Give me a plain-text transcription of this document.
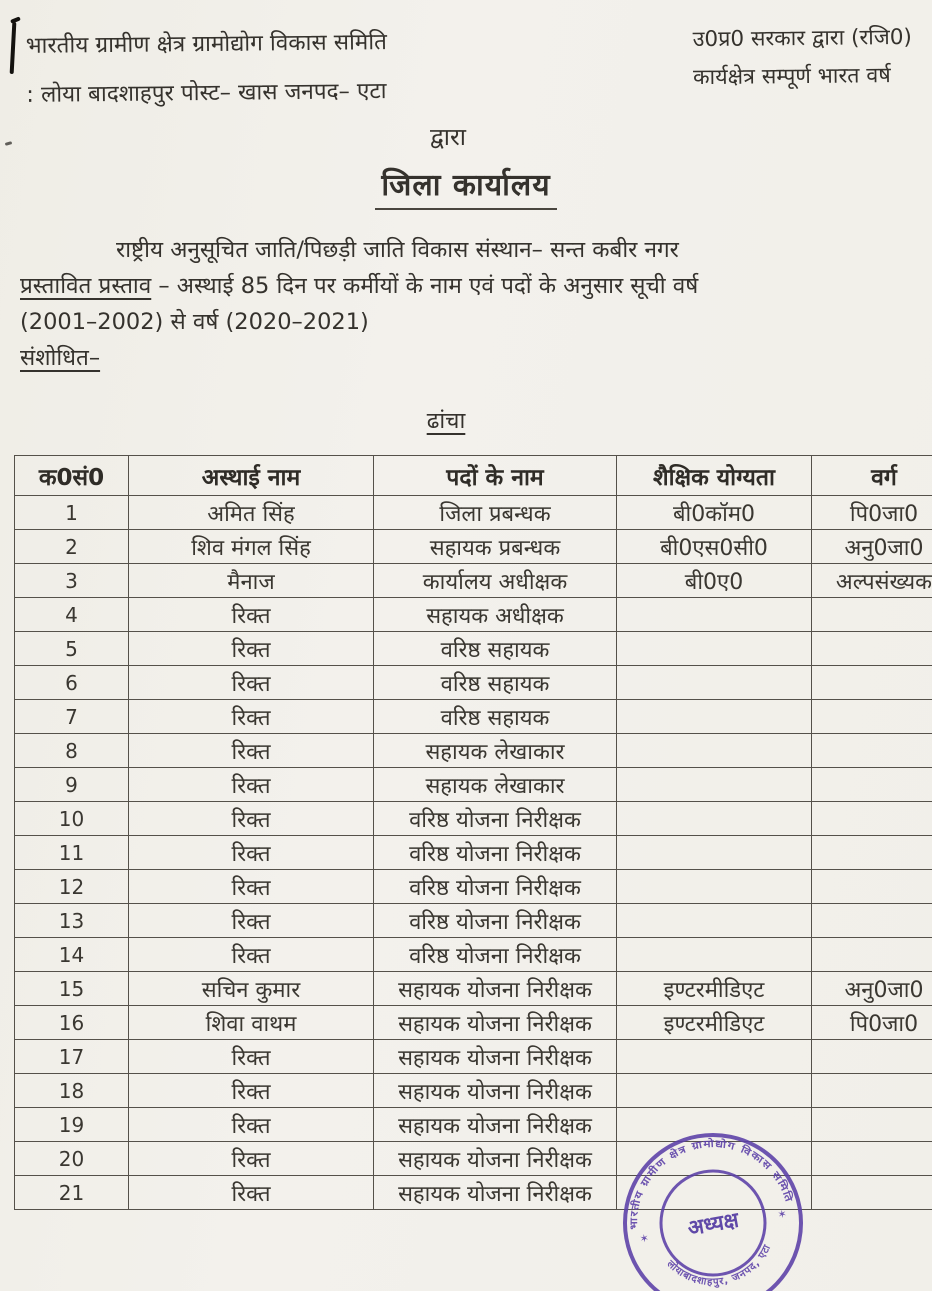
भारतीय ग्रामीण क्षेत्र ग्रामोद्योग विकास समिति
: लोया बादशाहपुर पोस्ट– खास जनपद– एटा
उ0प्र0 सरकार द्वारा (रजि0)
कार्यक्षेत्र सम्पूर्ण भारत वर्ष
द्वारा
जिला कार्यालय
राष्ट्रीय अनुसूचित जाति/पिछड़ी जाति विकास संस्थान– सन्त कबीर नगर
प्रस्तावित प्रस्ताव – अस्थाई 85 दिन पर कर्मीयों के नाम एवं पदों के अनुसार सूची वर्ष
(2001–2002) से वर्ष (2020–2021)
संशोधित–
ढांचा
क0सं0	अस्थाई नाम	पदों के नाम	शैक्षिक योग्यता	वर्ग
1	अमित सिंह	जिला प्रबन्धक	बी0कॉम0	पि0जा0
2	शिव मंगल सिंह	सहायक प्रबन्धक	बी0एस0सी0	अनु0जा0
3	मैनाज	कार्यालय अधीक्षक	बी0ए0	अल्पसंख्यक
4	रिक्त	सहायक अधीक्षक		
5	रिक्त	वरिष्ठ सहायक		
6	रिक्त	वरिष्ठ सहायक		
7	रिक्त	वरिष्ठ सहायक		
8	रिक्त	सहायक लेखाकार		
9	रिक्त	सहायक लेखाकार		
10	रिक्त	वरिष्ठ योजना निरीक्षक		
11	रिक्त	वरिष्ठ योजना निरीक्षक		
12	रिक्त	वरिष्ठ योजना निरीक्षक		
13	रिक्त	वरिष्ठ योजना निरीक्षक		
14	रिक्त	वरिष्ठ योजना निरीक्षक		
15	सचिन कुमार	सहायक योजना निरीक्षक	इण्टरमीडिएट	अनु0जा0
16	शिवा वाथम	सहायक योजना निरीक्षक	इण्टरमीडिएट	पि0जा0
17	रिक्त	सहायक योजना निरीक्षक		
18	रिक्त	सहायक योजना निरीक्षक		
19	रिक्त	सहायक योजना निरीक्षक		
20	रिक्त	सहायक योजना निरीक्षक		
21	रिक्त	सहायक योजना निरीक्षक		
भारतीय ग्रामीण क्षेत्र ग्रामोद्योग विकास समिति
लोयाबादशाहपुर, जनपद, एटा
✶
✶
अध्यक्ष
